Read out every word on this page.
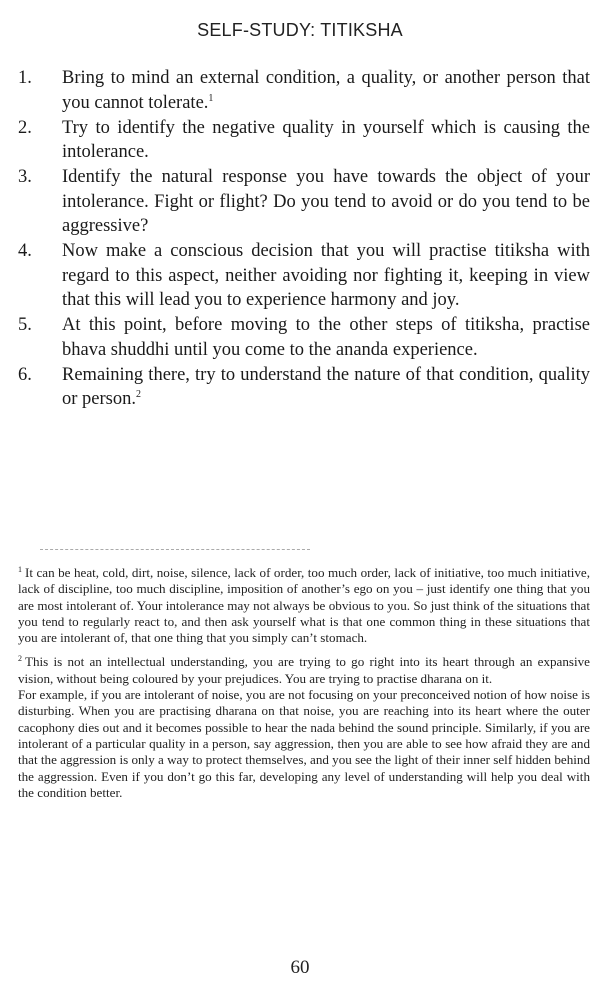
SELF-STUDY: TITIKSHA
1.	Bring to mind an external condition, a quality, or another person that you cannot tolerate.$^1$
2.	Try to identify the negative quality in yourself which is causing the intolerance.
3.	Identify the natural response you have towards the object of your intolerance. Fight or flight? Do you tend to avoid or do you tend to be aggressive?
4.	Now make a conscious decision that you will practise titiksha with regard to this aspect, neither avoiding nor fighting it, keeping in view that this will lead you to experience harmony and joy.
5.	At this point, before moving to the other steps of titiksha, practise bhava shuddhi until you come to the ananda experience.
6.	Remaining there, try to understand the nature of that condition, quality or person.$^2$

$^1$ It can be heat, cold, dirt, noise, silence, lack of order, too much order, lack of initiative, too much initiative, lack of discipline, too much discipline, imposition of another’s ego on you – just identify one thing that you are most intolerant of. Your intolerance may not always be obvious to you. So just think of the situations that you tend to regularly react to, and then ask yourself what is that one common thing in these situations that you are intolerant of, that one thing that you simply can’t stomach.

$^2$ This is not an intellectual understanding, you are trying to go right into its heart through an expansive vision, without being coloured by your prejudices. You are trying to practise dharana on it.

For example, if you are intolerant of noise, you are not focusing on your preconceived notion of how noise is disturbing. When you are practising dharana on that noise, you are reaching into its heart where the outer cacophony dies out and it becomes possible to hear the nada behind the sound principle. Similarly, if you are intolerant of a particular quality in a person, say aggression, then you are able to see how afraid they are and that the aggression is only a way to protect themselves, and you see the light of their inner self hidden behind the aggression. Even if you don’t go this far, developing any level of understanding will help you deal with the condition better.

60
